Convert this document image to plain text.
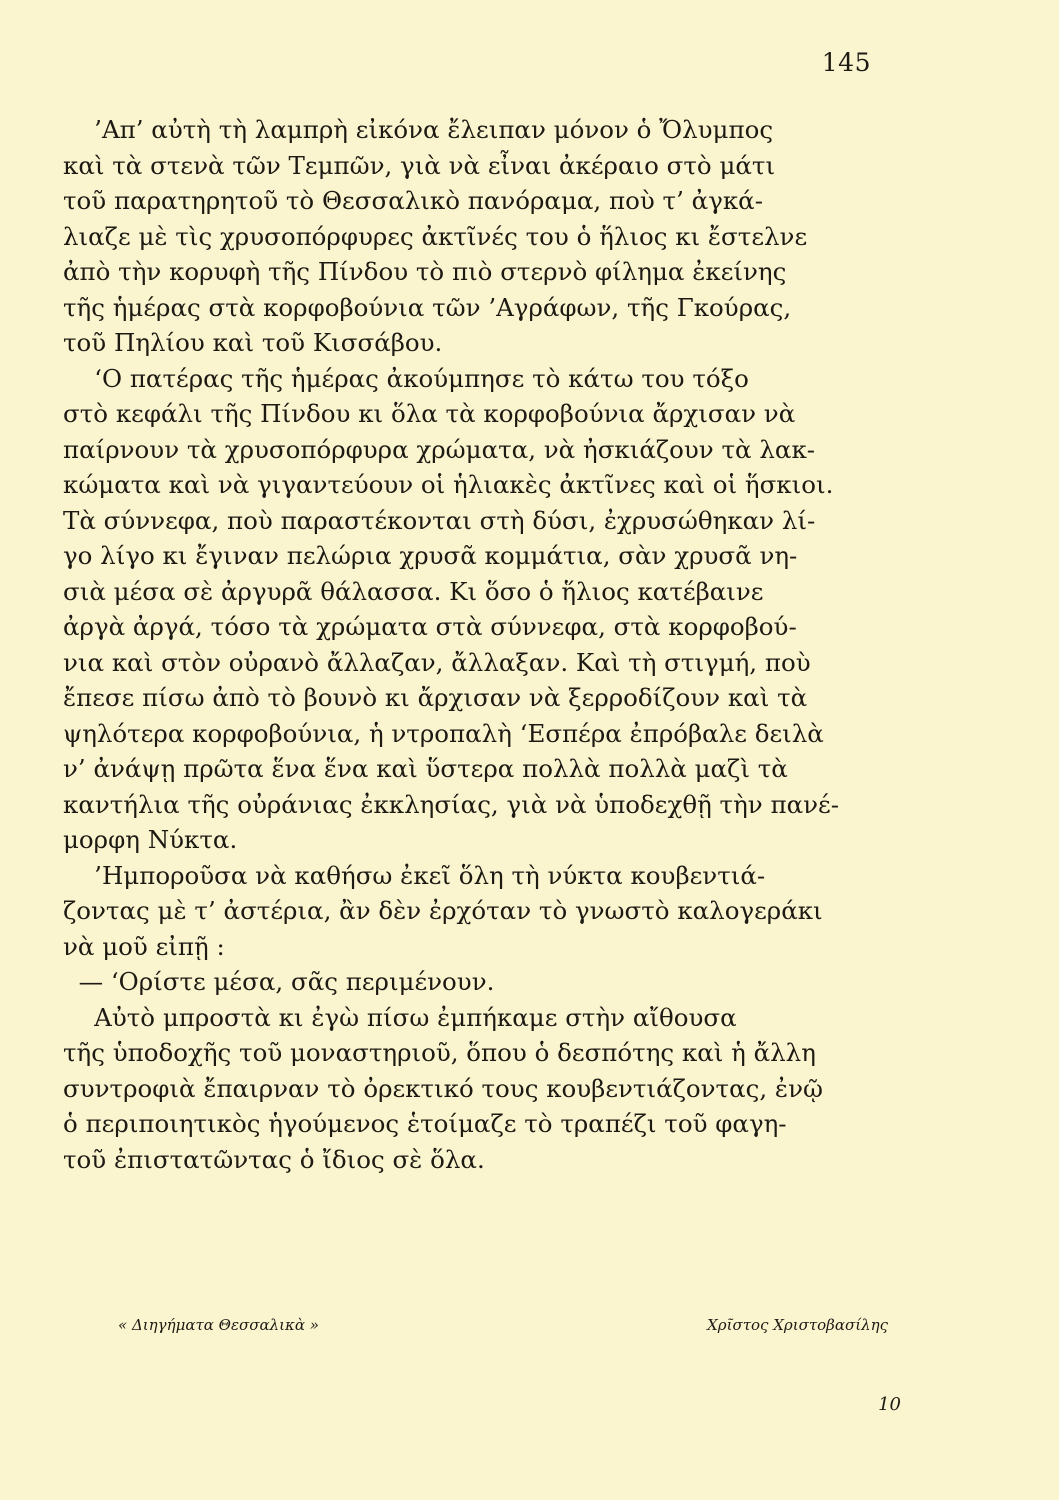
145
’Απ’ αὐτὴ τὴ λαμπρὴ εἰκόνα ἔλειπαν μόνον ὁ Ὄλυμπος
καὶ τὰ στενὰ τῶν Τεμπῶν, γιὰ νὰ εἶναι ἀκέραιο στὸ μάτι
τοῦ παρατηρητοῦ τὸ Θεσσαλικὸ πανόραμα, ποὺ τ’ ἀγκά-
λιαζε μὲ τὶς χρυσοπόρφυρες ἀκτῖνές του ὁ ἥλιος κι ἔστελνε
ἀπὸ τὴν κορυφὴ τῆς Πίνδου τὸ πιὸ στερνὸ φίλημα ἐκείνης
τῆς ἡμέρας στὰ κορφοβούνια τῶν ’Αγράφων, τῆς Γκούρας,
τοῦ Πηλίου καὶ τοῦ Κισσάβου.
‘Ο πατέρας τῆς ἡμέρας ἀκούμπησε τὸ κάτω του τόξο
στὸ κεφάλι τῆς Πίνδου κι ὅλα τὰ κορφοβούνια ἄρχισαν νὰ
παίρνουν τὰ χρυσοπόρφυρα χρώματα, νὰ ἠσκιάζουν τὰ λακ-
κώματα καὶ νὰ γιγαντεύουν οἱ ἡλιακὲς ἀκτῖνες καὶ οἱ ἥσκιοι.
Τὰ σύννεφα, ποὺ παραστέκονται στὴ δύσι, ἐχρυσώθηκαν λί-
γο λίγο κι ἔγιναν πελώρια χρυσᾶ κομμάτια, σὰν χρυσᾶ νη-
σιὰ μέσα σὲ ἀργυρᾶ θάλασσα. Κι ὅσο ὁ ἥλιος κατέβαινε
ἀργὰ ἀργά, τόσο τὰ χρώματα στὰ σύννεφα, στὰ κορφοβού-
νια καὶ στὸν οὐρανὸ ἄλλαζαν, ἄλλαξαν. Καὶ τὴ στιγμή, ποὺ
ἔπεσε πίσω ἀπὸ τὸ βουνὸ κι ἄρχισαν νὰ ξερροδίζουν καὶ τὰ
ψηλότερα κορφοβούνια, ἡ ντροπαλὴ ‘Εσπέρα ἐπρόβαλε δειλὰ
ν’ ἀνάψῃ πρῶτα ἕνα ἕνα καὶ ὕστερα πολλὰ πολλὰ μαζὶ τὰ
καντήλια τῆς οὐράνιας ἐκκλησίας, γιὰ νὰ ὑποδεχθῇ τὴν πανέ-
μορφη Νύκτα.
’Ημποροῦσα νὰ καθήσω ἐκεῖ ὅλη τὴ νύκτα κουβεντιά-
ζοντας μὲ τ’ ἀστέρια, ἂν δὲν ἐρχόταν τὸ γνωστὸ καλογεράκι
νὰ μοῦ εἰπῇ :
— ‘Ορίστε μέσα, σᾶς περιμένουν.
Αὐτὸ μπροστὰ κι ἐγὼ πίσω ἐμπήκαμε στὴν αἴθουσα
τῆς ὑποδοχῆς τοῦ μοναστηριοῦ, ὅπου ὁ δεσπότης καὶ ἡ ἄλλη
συντροφιὰ ἔπαιρναν τὸ ὀρεκτικό τους κουβεντιάζοντας, ἐνῷ
ὁ περιποιητικὸς ἡγούμενος ἑτοίμαζε τὸ τραπέζι τοῦ φαγη-
τοῦ ἐπιστατῶντας ὁ ἴδιος σὲ ὅλα.
« Διηγήματα Θεσσαλικὰ »	Χρῖστος Χριστοβασίλης
10
